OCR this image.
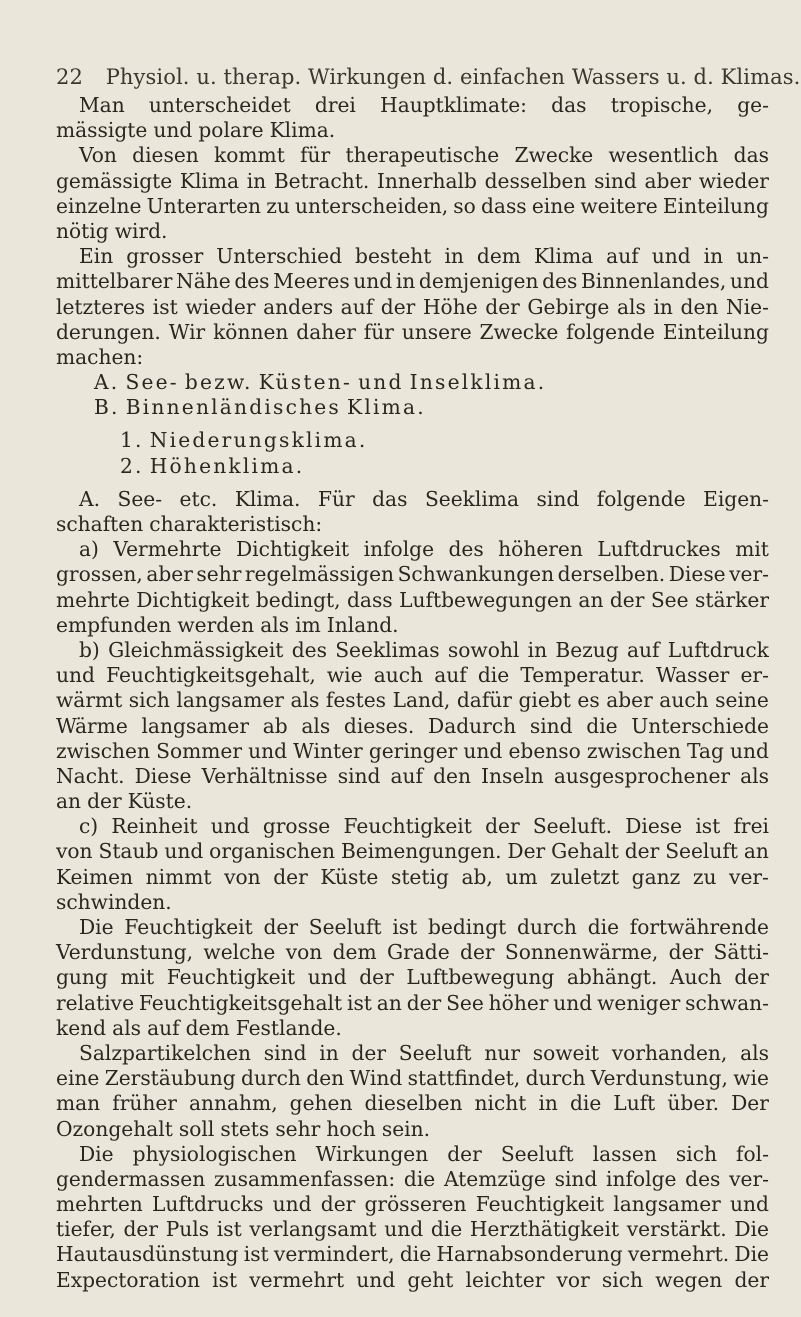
22 Physiol. u. therap. Wirkungen d. einfachen Wassers u. d. Klimas.
Man unterscheidet drei Hauptklimate: das tropische, ge-
mässigte und polare Klima.
Von diesen kommt für therapeutische Zwecke wesentlich das
gemässigte Klima in Betracht. Innerhalb desselben sind aber wieder
einzelne Unterarten zu unterscheiden, so dass eine weitere Einteilung
nötig wird.
Ein grosser Unterschied besteht in dem Klima auf und in un-
mittelbarer Nähe des Meeres und in demjenigen des Binnenlandes, und
letzteres ist wieder anders auf der Höhe der Gebirge als in den Nie-
derungen. Wir können daher für unsere Zwecke folgende Einteilung
machen:
A. See- bezw. Küsten- und Inselklima.
B. Binnenländisches Klima.
1. Niederungsklima.
2. Höhenklima.
A. See- etc. Klima. Für das Seeklima sind folgende Eigen-
schaften charakteristisch:
a) Vermehrte Dichtigkeit infolge des höheren Luftdruckes mit
grossen, aber sehr regelmässigen Schwankungen derselben. Diese ver-
mehrte Dichtigkeit bedingt, dass Luftbewegungen an der See stärker
empfunden werden als im Inland.
b) Gleichmässigkeit des Seeklimas sowohl in Bezug auf Luftdruck
und Feuchtigkeitsgehalt, wie auch auf die Temperatur. Wasser er-
wärmt sich langsamer als festes Land, dafür giebt es aber auch seine
Wärme langsamer ab als dieses. Dadurch sind die Unterschiede
zwischen Sommer und Winter geringer und ebenso zwischen Tag und
Nacht. Diese Verhältnisse sind auf den Inseln ausgesprochener als
an der Küste.
c) Reinheit und grosse Feuchtigkeit der Seeluft. Diese ist frei
von Staub und organischen Beimengungen. Der Gehalt der Seeluft an
Keimen nimmt von der Küste stetig ab, um zuletzt ganz zu ver-
schwinden.
Die Feuchtigkeit der Seeluft ist bedingt durch die fortwährende
Verdunstung, welche von dem Grade der Sonnenwärme, der Sätti-
gung mit Feuchtigkeit und der Luftbewegung abhängt. Auch der
relative Feuchtigkeitsgehalt ist an der See höher und weniger schwan-
kend als auf dem Festlande.
Salzpartikelchen sind in der Seeluft nur soweit vorhanden, als
eine Zerstäubung durch den Wind stattfindet, durch Verdunstung, wie
man früher annahm, gehen dieselben nicht in die Luft über. Der
Ozongehalt soll stets sehr hoch sein.
Die physiologischen Wirkungen der Seeluft lassen sich fol-
gendermassen zusammenfassen: die Atemzüge sind infolge des ver-
mehrten Luftdrucks und der grösseren Feuchtigkeit langsamer und
tiefer, der Puls ist verlangsamt und die Herzthätigkeit verstärkt. Die
Hautausdünstung ist vermindert, die Harnabsonderung vermehrt. Die
Expectoration ist vermehrt und geht leichter vor sich wegen der
